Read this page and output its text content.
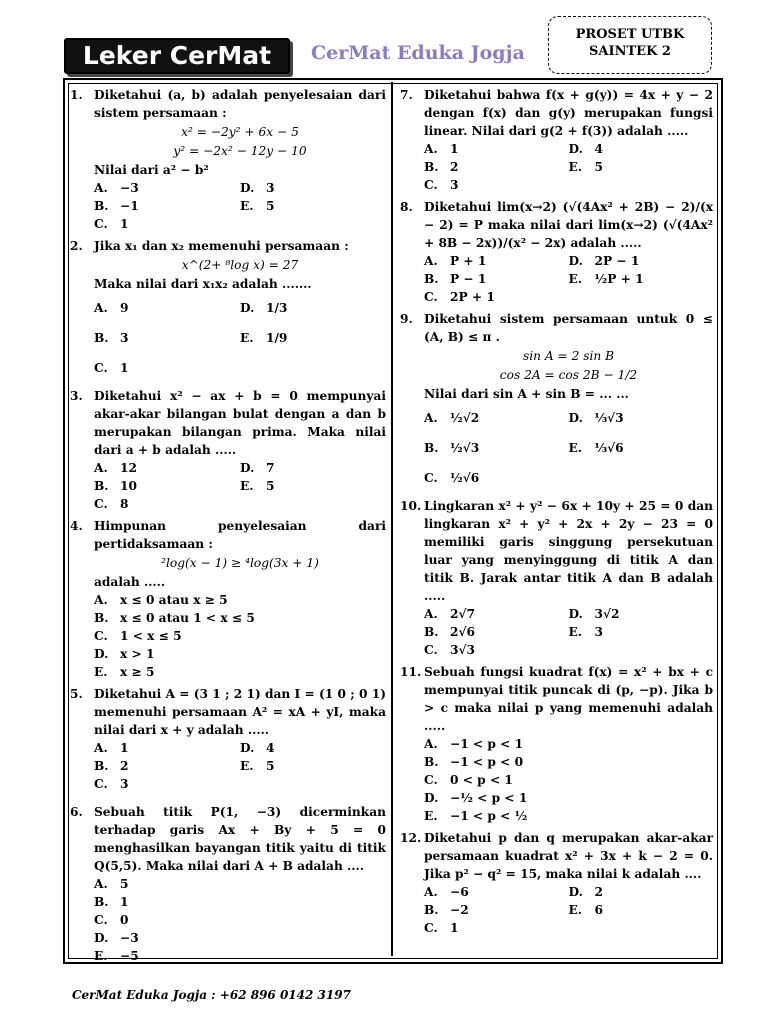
Leker CerMat	CerMat Eduka Jogja
PROSET UTBK
SAINTEK 2
1. Diketahui (a, b) adalah penyelesaian dari sistem persamaan :
x² = −2y² + 6x − 5
y² = −2x² − 12y − 10
Nilai dari a² − b²
A. −3	D. 3
B. −1	E. 5
C. 1
2. Jika x₁ dan x₂ memenuhi persamaan :
x^(2+ ⁸log x) = 27
Maka nilai dari x₁x₂ adalah .......
A. 9	D. 1/3
B. 3	E. 1/9
C. 1
3. Diketahui x² − ax + b = 0 mempunyai akar-akar bilangan bulat dengan a dan b merupakan bilangan prima. Maka nilai dari a + b adalah .....
A. 12	D. 7
B. 10	E. 5
C. 8
4. Himpunan penyelesaian dari pertidaksamaan :
²log(x − 1) ≥ ⁴log(3x + 1)
adalah .....
A. x ≤ 0 atau x ≥ 5
B. x ≤ 0 atau 1 < x ≤ 5
C. 1 < x ≤ 5
D. x > 1
E. x ≥ 5
5. Diketahui A = (3 1 ; 2 1) dan I = (1 0 ; 0 1) memenuhi persamaan A² = xA + yI, maka nilai dari x + y adalah .....
A. 1	D. 4
B. 2	E. 5
C. 3
6. Sebuah titik P(1, −3) dicerminkan terhadap garis Ax + By + 5 = 0 menghasilkan bayangan titik yaitu di titik Q(5,5). Maka nilai dari A + B adalah ....
A. 5
B. 1
C. 0
D. −3
E. −5
7. Diketahui bahwa f(x + g(y)) = 4x + y − 2 dengan f(x) dan g(y) merupakan fungsi linear. Nilai dari g(2 + f(3)) adalah .....
A. 1	D. 4
B. 2	E. 5
C. 3
8. Diketahui lim(x→2) (√(4Ax² + 2B) − 2)/(x − 2) = P maka nilai dari lim(x→2) (√(4Ax² + 8B − 2x))/(x² − 2x) adalah .....
A. P + 1	D. 2P − 1
B. P − 1	E. ½P + 1
C. 2P + 1
9. Diketahui sistem persamaan untuk 0 ≤ (A, B) ≤ π .
sin A = 2 sin B
cos 2A = cos 2B − 1/2
Nilai dari sin A + sin B = ... ...
A. ½√2	D. ⅓√3
B. ½√3	E. ⅓√6
C. ½√6
10. Lingkaran x² + y² − 6x + 10y + 25 = 0 dan lingkaran x² + y² + 2x + 2y − 23 = 0 memiliki garis singgung persekutuan luar yang menyinggung di titik A dan titik B. Jarak antar titik A dan B adalah .....
A. 2√7	D. 3√2
B. 2√6	E. 3
C. 3√3
11. Sebuah fungsi kuadrat f(x) = x² + bx + c mempunyai titik puncak di (p, −p). Jika b > c maka nilai p yang memenuhi adalah .....
A. −1 < p < 1
B. −1 < p < 0
C. 0 < p < 1
D. −½ < p < 1
E. −1 < p < ½
12. Diketahui p dan q merupakan akar-akar persamaan kuadrat x² + 3x + k − 2 = 0. Jika p² − q² = 15, maka nilai k adalah ....
A. −6	D. 2
B. −2	E. 6
C. 1
CerMat Eduka Jogja : +62 896 0142 3197
